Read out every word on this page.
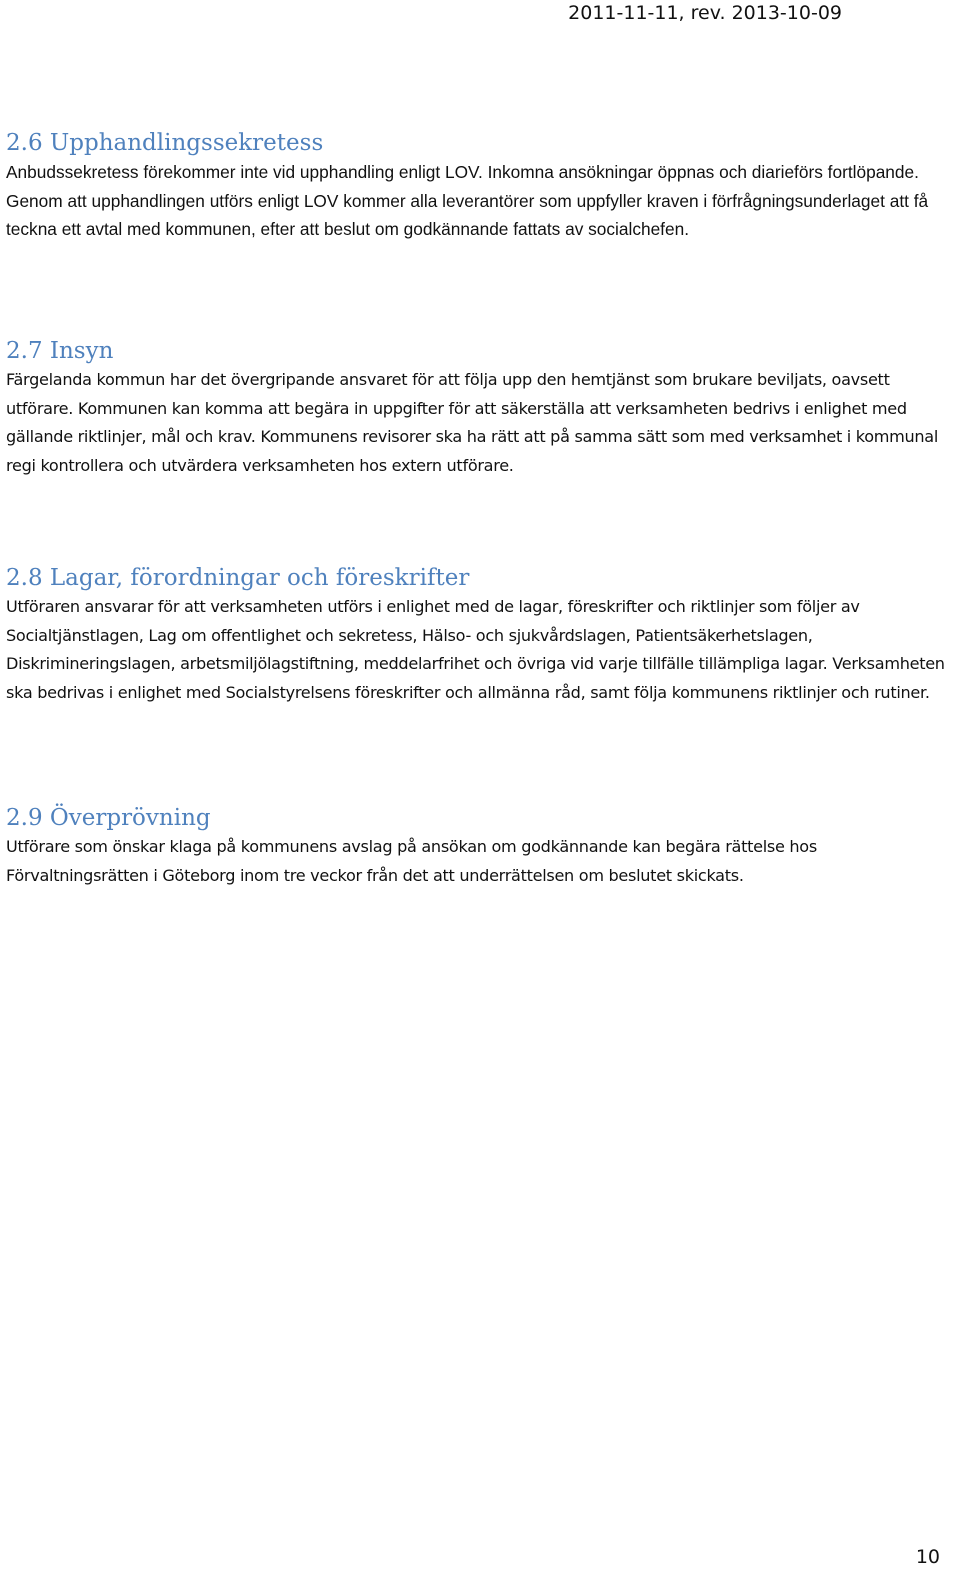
2011-11-11, rev. 2013-10-09
2.6 Upphandlingssekretess

Anbudssekretess förekommer inte vid upphandling enligt LOV. Inkomna ansökningar öppnas och diarieförs fortlöpande. Genom att upphandlingen utförs enligt LOV kommer alla leverantörer som uppfyller kraven i förfrågningsunderlaget att få teckna ett avtal med kommunen, efter att beslut om godkännande fattats av socialchefen.

2.7 Insyn

Färgelanda kommun har det övergripande ansvaret för att följa upp den hemtjänst som brukare beviljats, oavsett utförare. Kommunen kan komma att begära in uppgifter för att säkerställa att verksamheten bedrivs i enlighet med gällande riktlinjer, mål och krav. Kommunens revisorer ska ha rätt att på samma sätt som med verksamhet i kommunal regi kontrollera och utvärdera verksamheten hos extern utförare.

2.8 Lagar, förordningar och föreskrifter

Utföraren ansvarar för att verksamheten utförs i enlighet med de lagar, föreskrifter och riktlinjer som följer av Socialtjänstlagen, Lag om offentlighet och sekretess, Hälso- och sjukvårdslagen, Patientsäkerhetslagen, Diskrimineringslagen, arbetsmiljölagstiftning, meddelarfrihet och övriga vid varje tillfälle tillämpliga lagar. Verksamheten ska bedrivas i enlighet med Socialstyrelsens föreskrifter och allmänna råd, samt följa kommunens riktlinjer och rutiner.

2.9 Överprövning

Utförare som önskar klaga på kommunens avslag på ansökan om godkännande kan begära rättelse hos Förvaltningsrätten i Göteborg inom tre veckor från det att underrättelsen om beslutet skickats.

10
